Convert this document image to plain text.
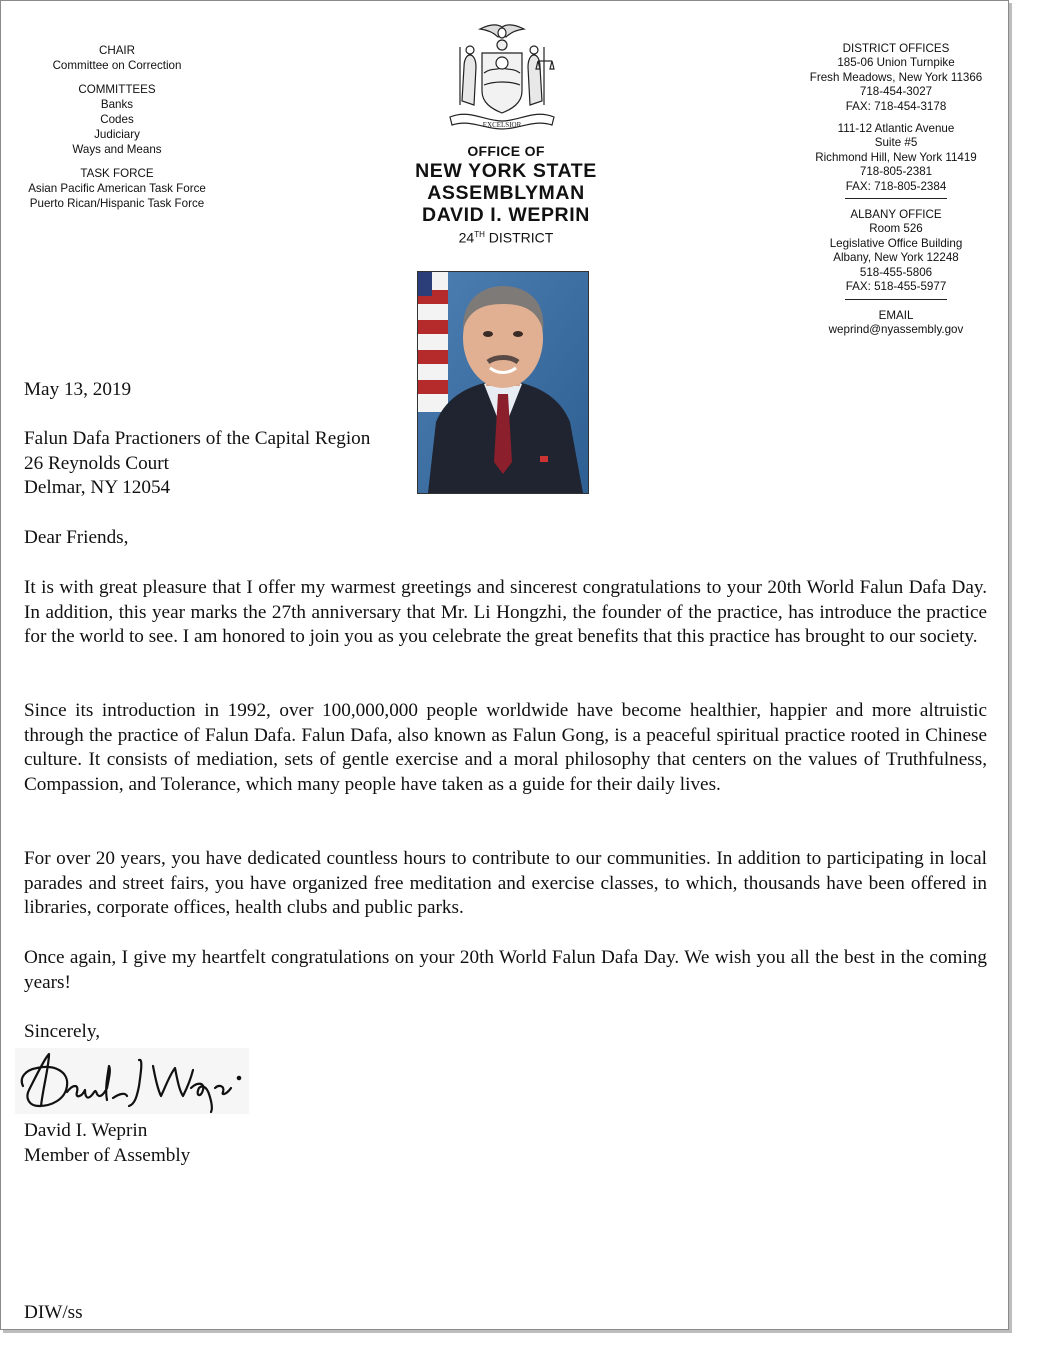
CHAIR
Committee on Correction
COMMITTEES
Banks
Codes
Judiciary
Ways and Means
TASK FORCE
Asian Pacific American Task Force
Puerto Rican/Hispanic Task Force
EXCELSIOR
OFFICE OF
NEW YORK STATE
ASSEMBLYMAN
DAVID I. WEPRIN
24TH DISTRICT
DISTRICT OFFICES
185-06 Union Turnpike
Fresh Meadows, New York 11366
718-454-3027
FAX: 718-454-3178
111-12 Atlantic Avenue
Suite #5
Richmond Hill, New York 11419
718-805-2381
FAX: 718-805-2384
ALBANY OFFICE
Room 526
Legislative Office Building
Albany, New York 12248
518-455-5806
FAX: 518-455-5977
EMAIL
weprind@nyassembly.gov
May 13, 2019
Falun Dafa Practioners of the Capital Region
26 Reynolds Court
Delmar, NY 12054
Dear Friends,
It is with great pleasure that I offer my warmest greetings and sincerest congratulations to your 20th World Falun Dafa Day. In addition, this year marks the 27th anniversary that Mr. Li Hongzhi, the founder of the practice, has introduce the practice for the world to see. I am honored to join you as you celebrate the great benefits that this practice has brought to our society.
Since its introduction in 1992, over 100,000,000 people worldwide have become healthier, happier and more altruistic through the practice of Falun Dafa. Falun Dafa, also known as Falun Gong, is a peaceful spiritual practice rooted in Chinese culture. It consists of mediation, sets of gentle exercise and a moral philosophy that centers on the values of Truthfulness, Compassion, and Tolerance, which many people have taken as a guide for their daily lives.
For over 20 years, you have dedicated countless hours to contribute to our communities. In addition to participating in local parades and street fairs, you have organized free meditation and exercise classes, to which, thousands have been offered in libraries, corporate offices, health clubs and public parks.
Once again, I give my heartfelt congratulations on your 20th World Falun Dafa Day. We wish you all the best in the coming years!
Sincerely,
David I. Weprin
David I. Weprin
Member of Assembly
DIW/ss
